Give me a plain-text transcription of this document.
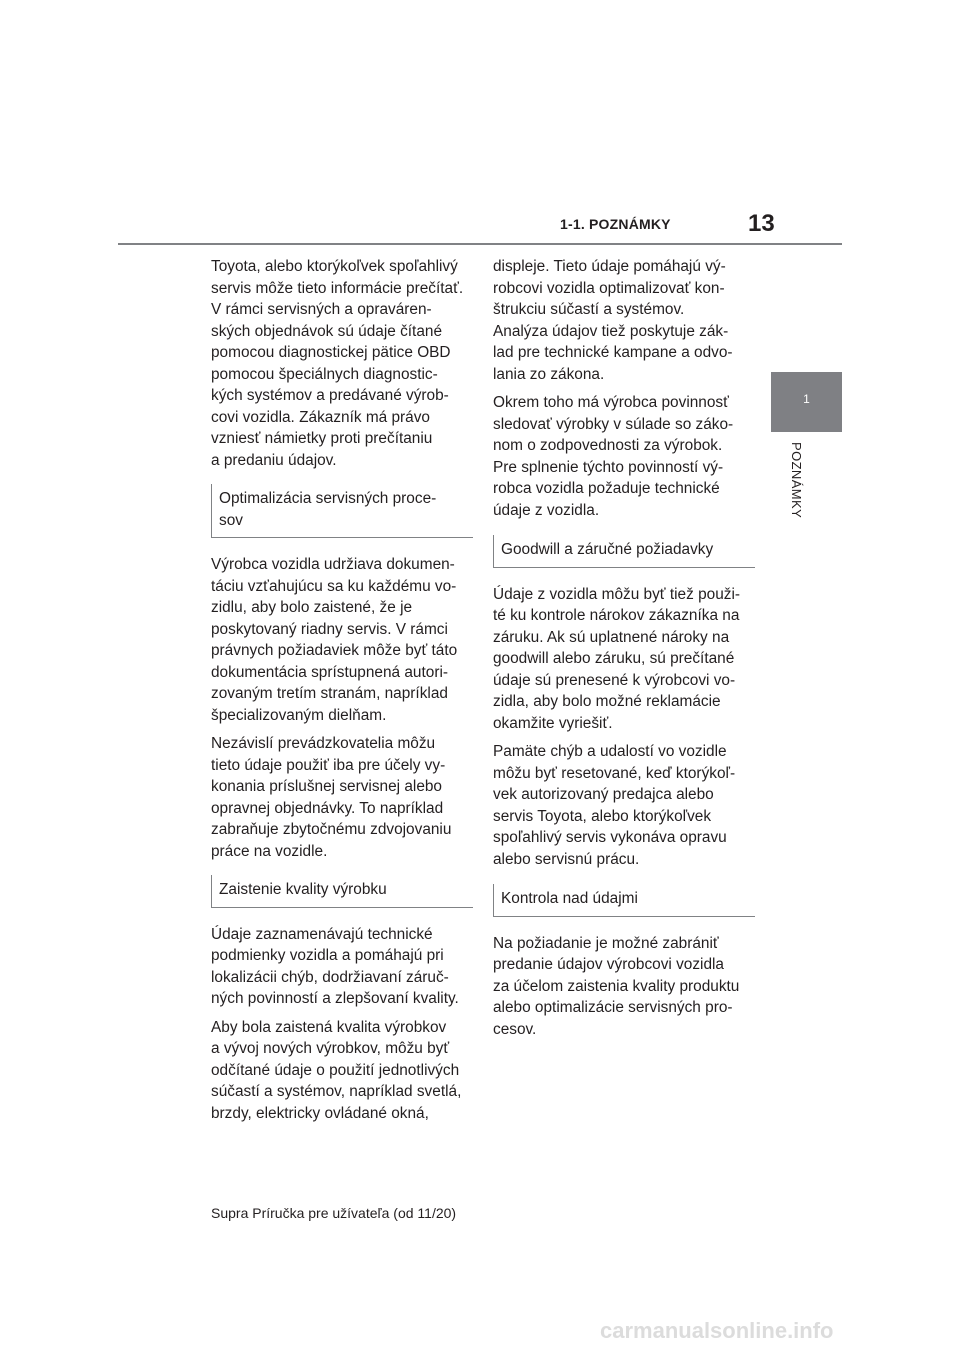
1-1. POZNÁMKY	13
1
POZNÁMKY

Toyota, alebo ktorýkoľvek spoľahlivý
servis môže tieto informácie prečítať.
V rámci servisných a opraváren-
ských objednávok sú údaje čítané
pomocou diagnostickej pätice OBD
pomocou špeciálnych diagnostic-
kých systémov a predávané výrob-
covi vozidla. Zákazník má právo
vzniesť námietky proti prečítaniu
a predaniu údajov.

Optimalizácia servisných proce-
sov

Výrobca vozidla udržiava dokumen-
táciu vzťahujúcu sa ku každému vo-
zidlu, aby bolo zaistené, že je
poskytovaný riadny servis. V rámci
právnych požiadaviek môže byť táto
dokumentácia sprístupnená autori-
zovaným tretím stranám, napríklad
špecializovaným dielňam.

Nezávislí prevádzkovatelia môžu
tieto údaje použiť iba pre účely vy-
konania príslušnej servisnej alebo
opravnej objednávky. To napríklad
zabraňuje zbytočnému zdvojovaniu
práce na vozidle.

Zaistenie kvality výrobku

Údaje zaznamenávajú technické
podmienky vozidla a pomáhajú pri
lokalizácii chýb, dodržiavaní záruč-
ných povinností a zlepšovaní kvality.

Aby bola zaistená kvalita výrobkov
a vývoj nových výrobkov, môžu byť
odčítané údaje o použití jednotlivých
súčastí a systémov, napríklad svetlá,
brzdy, elektricky ovládané okná,

displeje. Tieto údaje pomáhajú vý-
robcovi vozidla optimalizovať kon-
štrukciu súčastí a systémov.
Analýza údajov tiež poskytuje zák-
lad pre technické kampane a odvo-
lania zo zákona.

Okrem toho má výrobca povinnosť
sledovať výrobky v súlade so záko-
nom o zodpovednosti za výrobok.
Pre splnenie týchto povinností vý-
robca vozidla požaduje technické
údaje z vozidla.

Goodwill a záručné požiadavky

Údaje z vozidla môžu byť tiež použi-
té ku kontrole nárokov zákazníka na
záruku. Ak sú uplatnené nároky na
goodwill alebo záruku, sú prečítané
údaje sú prenesené k výrobcovi vo-
zidla, aby bolo možné reklamácie
okamžite vyriešiť.

Pamäte chýb a udalostí vo vozidle
môžu byť resetované, keď ktorýkoľ-
vek autorizovaný predajca alebo
servis Toyota, alebo ktorýkoľvek
spoľahlivý servis vykonáva opravu
alebo servisnú prácu.

Kontrola nad údajmi

Na požiadanie je možné zabrániť
predanie údajov výrobcovi vozidla
za účelom zaistenia kvality produktu
alebo optimalizácie servisných pro-
cesov.

Supra Príručka pre užívateľa (od 11/20)
carmanualsonline.info
